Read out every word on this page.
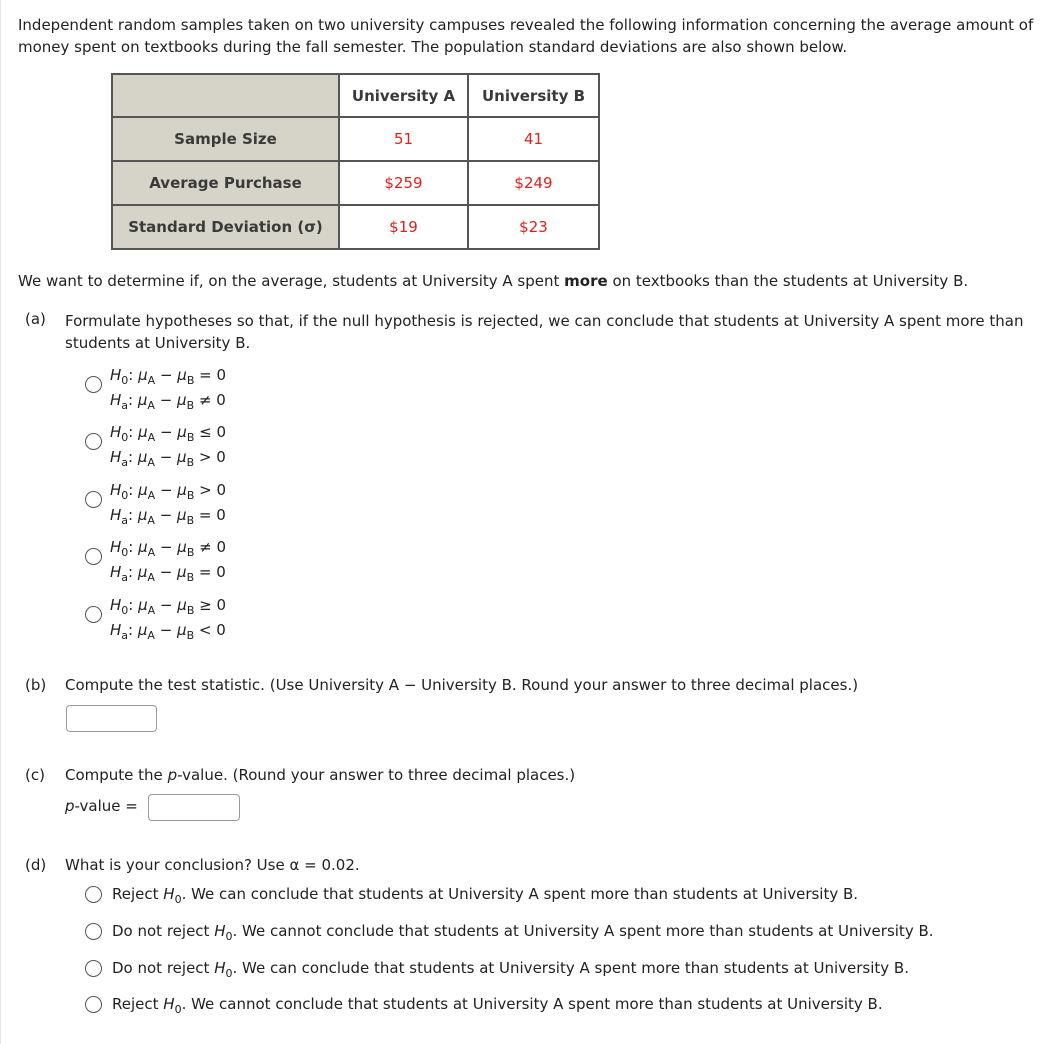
Independent random samples taken on two university campuses revealed the following information concerning the average amount of money spent on textbooks during the fall semester. The population standard deviations are also shown below.
	University A	University B
Sample Size	51	41
Average Purchase	$259	$249
Standard Deviation (σ)	$19	$23
We want to determine if, on the average, students at University A spent more on textbooks than the students at University B.
(a) Formulate hypotheses so that, if the null hypothesis is rejected, we can conclude that students at University A spent more than students at University B.
$H_0$: $\mu_A - \mu_B = 0$
$H_a$: $\mu_A - \mu_B \ne 0$
$H_0$: $\mu_A - \mu_B \le 0$
$H_a$: $\mu_A - \mu_B > 0$
$H_0$: $\mu_A - \mu_B > 0$
$H_a$: $\mu_A - \mu_B = 0$
$H_0$: $\mu_A - \mu_B \ne 0$
$H_a$: $\mu_A - \mu_B = 0$
$H_0$: $\mu_A - \mu_B \ge 0$
$H_a$: $\mu_A - \mu_B < 0$
(b) Compute the test statistic. (Use University A − University B. Round your answer to three decimal places.)
(c) Compute the p-value. (Round your answer to three decimal places.)
p-value =
(d) What is your conclusion? Use α = 0.02.
Reject $H_0$. We can conclude that students at University A spent more than students at University B.
Do not reject $H_0$. We cannot conclude that students at University A spent more than students at University B.
Do not reject $H_0$. We can conclude that students at University A spent more than students at University B.
Reject $H_0$. We cannot conclude that students at University A spent more than students at University B.
